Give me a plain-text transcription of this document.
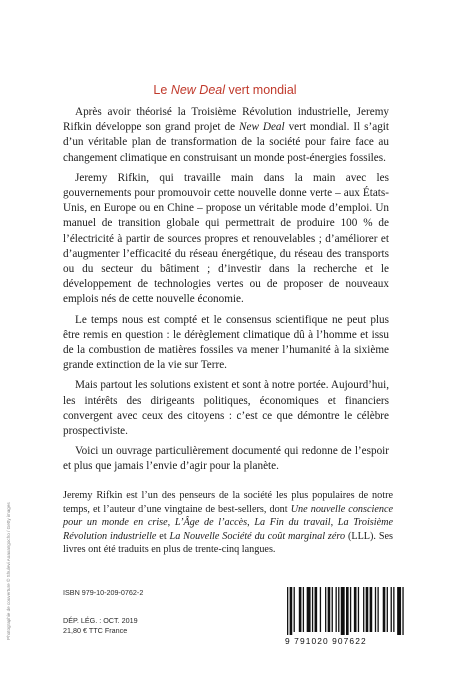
Le New Deal vert mondial

Après avoir théorisé la Troisième Révolution industrielle, Jeremy Rifkin développe son grand projet de New Deal vert mondial. Il s’agit d’un véritable plan de transformation de la société pour faire face au changement climatique en construisant un monde post-énergies fossiles.

Jeremy Rifkin, qui travaille main dans la main avec les gouvernements pour promouvoir cette nouvelle donne verte – aux États-Unis, en Europe ou en Chine – propose un véritable mode d’emploi. Un manuel de transition globale qui permettrait de produire 100 % de l’électricité à partir de sources propres et renouvelables ; d’améliorer et d’augmenter l’efficacité du réseau énergétique, du réseau des transports ou du secteur du bâtiment ; d’investir dans la recherche et le développement de technologies vertes ou de proposer de nouveaux emplois nés de cette nouvelle économie.

Le temps nous est compté et le consensus scientifique ne peut plus être remis en question : le dérèglement climatique dû à l’homme et issu de la combustion de matières fossiles va mener l’humanité à la sixième grande extinction de la vie sur Terre.

Mais partout les solutions existent et sont à notre portée. Aujourd’hui, les intérêts des dirigeants politiques, économiques et financiers convergent avec ceux des citoyens : c’est ce que démontre le célèbre prospectiviste.

Voici un ouvrage particulièrement documenté qui redonne de l’espoir et plus que jamais l’envie d’agir pour la planète.

Jeremy Rifkin est l’un des penseurs de la société les plus populaires de notre temps, et l’auteur d’une vingtaine de best-sellers, dont Une nouvelle conscience pour un monde en crise, L’Âge de l’accès, La Fin du travail, La Troisième Révolution industrielle et La Nouvelle Société du coût marginal zéro (LLL). Ses livres ont été traduits en plus de trente-cinq langues.

Photographie de couverture © Shulevi Aoaxangocho / Getty images	ISBN 979-10-209-0762-2
DÉP. LÉG. : OCT. 2019
21,80 € TTC France
9 791020 907622
